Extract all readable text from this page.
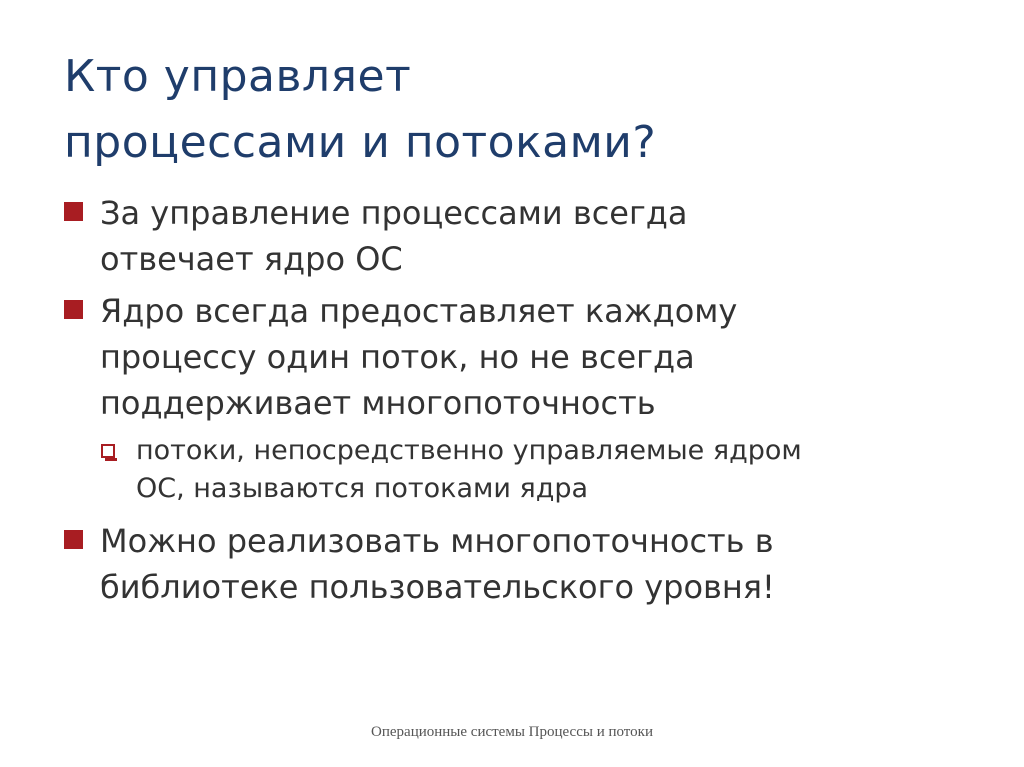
Кто управляет
процессами и потоками?
За управление процессами всегда
отвечает ядро ОС
Ядро всегда предоставляет каждому
процессу один поток, но не всегда
поддерживает многопоточность
потоки, непосредственно управляемые ядром
ОС, называются потоками ядра
Можно реализовать многопоточность в
библиотеке пользовательского уровня!
Операционные системы Процессы и потоки
